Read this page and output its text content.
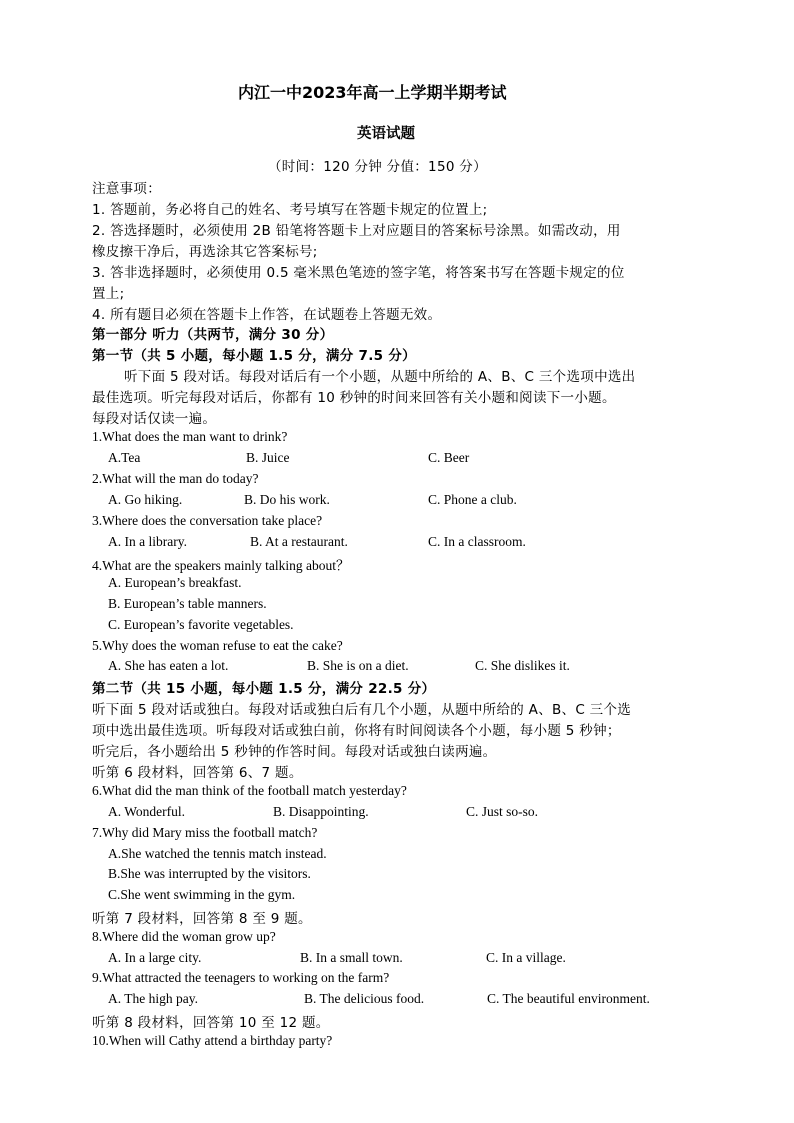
内江一中2023年高一上学期半期考试
英语试题
（时间：120 分钟 分值：150 分）
注意事项：
1. 答题前，务必将自己的姓名、考号填写在答题卡规定的位置上;
2. 答选择题时，必须使用 2B 铅笔将答题卡上对应题目的答案标号涂黑。如需改动，用
橡皮擦干净后，再选涂其它答案标号;
3. 答非选择题时，必须使用 0.5 毫米黑色笔迹的签字笔，将答案书写在答题卡规定的位
置上;
4. 所有题目必须在答题卡上作答，在试题卷上答题无效。
第一部分 听力（共两节，满分 30 分）
第一节（共 5 小题，每小题 1.5 分，满分 7.5 分）
听下面 5 段对话。每段对话后有一个小题，从题中所给的 A、B、C 三个选项中选出
最佳选项。听完每段对话后，你都有 10 秒钟的时间来回答有关小题和阅读下一小题。
每段对话仅读一遍。
1.What does the man want to drink?
A.Tea	B. Juice	C. Beer
2.What will the man do today?
A. Go hiking.	B. Do his work.	C. Phone a club.
3.Where does the conversation take place?
A. In a library.	B. At a restaurant.	C. In a classroom.
4.What are the speakers mainly talking about？
A. European’s breakfast.
B. European’s table manners.
C. European’s favorite vegetables.
5.Why does the woman refuse to eat the cake?
A. She has eaten a lot.	B. She is on a diet.	C. She dislikes it.
第二节（共 15 小题，每小题 1.5 分，满分 22.5 分）
听下面 5 段对话或独白。每段对话或独白后有几个小题，从题中所给的 A、B、C 三个选
项中选出最佳选项。听每段对话或独白前，你将有时间阅读各个小题，每小题 5 秒钟；
听完后，各小题给出 5 秒钟的作答时间。每段对话或独白读两遍。
听第 6 段材料，回答第 6、7 题。
6.What did the man think of the football match yesterday?
A. Wonderful.	B. Disappointing.	C. Just so-so.
7.Why did Mary miss the football match?
A.She watched the tennis match instead.
B.She was interrupted by the visitors.
C.She went swimming in the gym.
听第 7 段材料，回答第 8 至 9 题。
8.Where did the woman grow up?
A. In a large city.	B. In a small town.	C. In a village.
9.What attracted the teenagers to working on the farm?
A. The high pay.	B. The delicious food.	C. The beautiful environment.
听第 8 段材料，回答第 10 至 12 题。
10.When will Cathy attend a birthday party?
